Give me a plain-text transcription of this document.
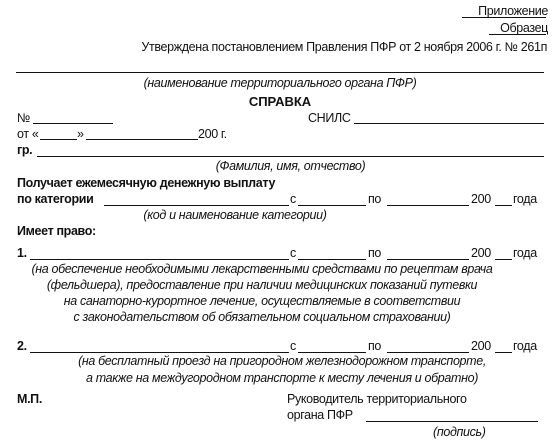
Приложение
Образец
Утверждена постановлением Правления ПФР от 2 ноября 2006 г. № 261п
(наименование территориального органа ПФР)
СПРАВКА
№	СНИЛС
от «	»	200 г.
гр.
(Фамилия, имя, отчество)
Получает ежемесячную денежную выплату
по категории	с	по	200 года
(код и наименование категории)
Имеет право:
1.	с	по	200 года
(на обеспечение необходимыми лекарственными средствами по рецептам врача
(фельдшера), предоставление при наличии медицинских показаний путевки
на санаторно-курортное лечение, осуществляемые в соответствии
с законодательством об обязательном социальном страховании)
2.	с	по	200 года
(на бесплатный проезд на пригородном железнодорожном транспорте,
а также на междугородном транспорте к месту лечения и обратно)
М.П.	Руководитель территориального
органа ПФР
(подпись)
